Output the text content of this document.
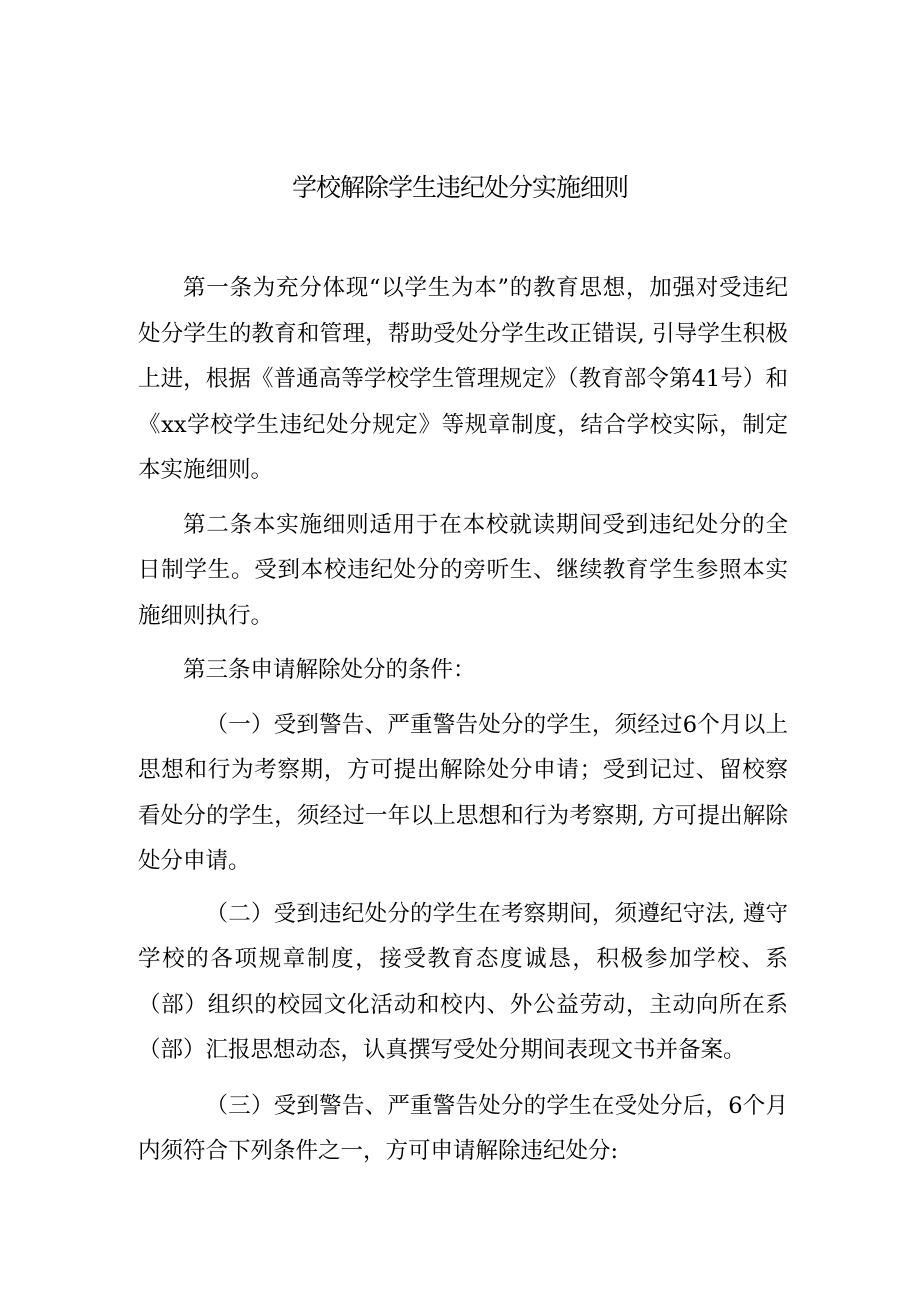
学校解除学生违纪处分实施细则

第一条为充分体现“以学生为本”的教育思想，加强对受违纪处分学生的教育和管理，帮助受处分学生改正错误, 引导学生积极上进，根据《普通高等学校学生管理规定》（教育部令第41号）和《xx学校学生违纪处分规定》等规章制度，结合学校实际，制定本实施细则。

第二条本实施细则适用于在本校就读期间受到违纪处分的全日制学生。受到本校违纪处分的旁听生、继续教育学生参照本实施细则执行。

第三条申请解除处分的条件：

（一）受到警告、严重警告处分的学生，须经过6个月以上思想和行为考察期，方可提出解除处分申请；受到记过、留校察看处分的学生，须经过一年以上思想和行为考察期, 方可提出解除处分申请。

（二）受到违纪处分的学生在考察期间，须遵纪守法, 遵守学校的各项规章制度，接受教育态度诚恳，积极参加学校、系（部）组织的校园文化活动和校内、外公益劳动，主动向所在系（部）汇报思想动态，认真撰写受处分期间表现文书并备案。

（三）受到警告、严重警告处分的学生在受处分后，6个月内须符合下列条件之一，方可申请解除违纪处分:
